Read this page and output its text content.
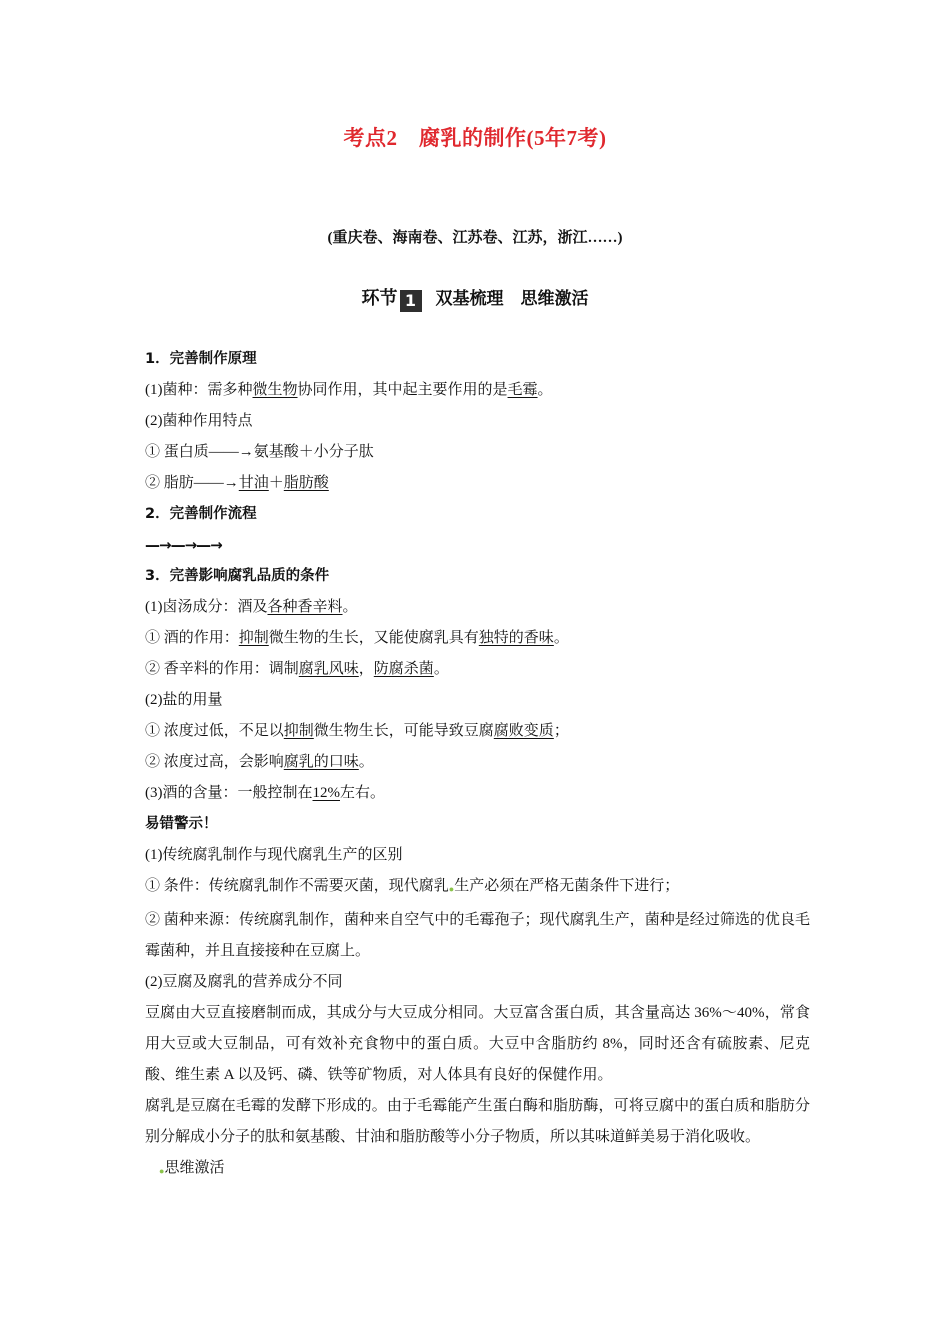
考点2　腐乳的制作(5年7考)
(重庆卷、海南卷、江苏卷、江苏，浙江……)
环节 1 双基梳理　思维激活
1．完善制作原理
(1)菌种：需多种微生物协同作用，其中起主要作用的是毛霉。
(2)菌种作用特点
① 蛋白质——→氨基酸＋小分子肽
② 脂肪——→甘油＋脂肪酸
2．完善制作流程
—→—→—→
3．完善影响腐乳品质的条件
(1)卤汤成分：酒及各种香辛料。
① 酒的作用：抑制微生物的生长，又能使腐乳具有独特的香味。
② 香辛料的作用：调制腐乳风味，防腐杀菌。
(2)盐的用量
① 浓度过低，不足以抑制微生物生长，可能导致豆腐腐败变质；
② 浓度过高，会影响腐乳的口味。
(3)酒的含量：一般控制在12%左右。
易错警示！
(1)传统腐乳制作与现代腐乳生产的区别
① 条件：传统腐乳制作不需要灭菌，现代腐乳●生产必须在严格无菌条件下进行；
② 菌种来源：传统腐乳制作，菌种来自空气中的毛霉孢子；现代腐乳生产，菌种是经过筛选的优良毛霉菌种，并且直接接种在豆腐上。
(2)豆腐及腐乳的营养成分不同
豆腐由大豆直接磨制而成，其成分与大豆成分相同。大豆富含蛋白质，其含量高达 36%～40%，常食用大豆或大豆制品，可有效补充食物中的蛋白质。大豆中含脂肪约 8%，同时还含有硫胺素、尼克酸、维生素 A 以及钙、磷、铁等矿物质，对人体具有良好的保健作用。
腐乳是豆腐在毛霉的发酵下形成的。由于毛霉能产生蛋白酶和脂肪酶，可将豆腐中的蛋白质和脂肪分别分解成小分子的肽和氨基酸、甘油和脂肪酸等小分子物质，所以其味道鲜美易于消化吸收。
●思维激活
